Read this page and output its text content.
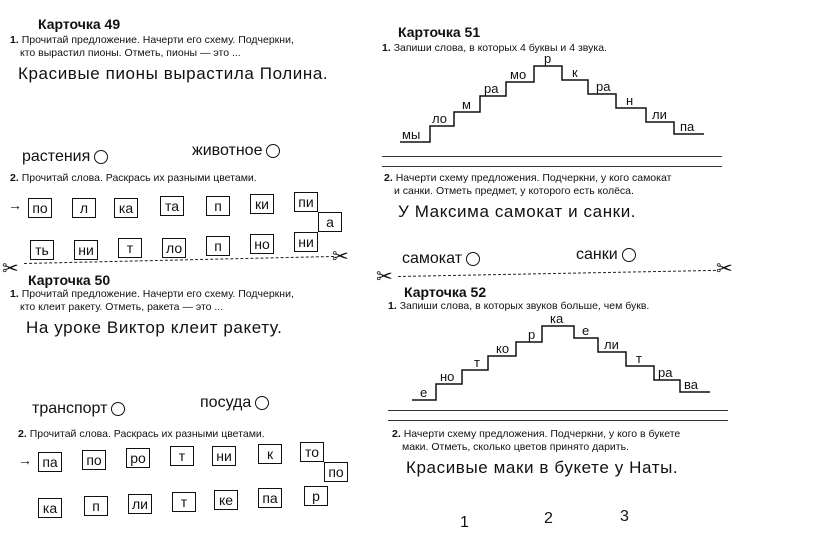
Карточка 49
1. Прочитай предложение. Начерти его схему. Подчеркни,
кто вырастил пионы. Отметь, пионы — это ...
Красивые пионы вырастила Полина.
растения	животное
2. Прочитай слова. Раскрась их разными цветами.
→ по	л	ка	та	п	ки	пи
а
ть	ни	т	ло	п	но	ни
✂
✂
Карточка 50
1. Прочитай предложение. Начерти его схему. Подчеркни,
кто клеит ракету. Отметь, ракета — это ...
На уроке Виктор клеит ракету.
транспорт	посуда
2. Прочитай слова. Раскрась их разными цветами.
→ па	по	ро	т	ни	к	то
по
ка	п	ли	т	ке	па	р
Карточка 51
1. Запиши слова, в которых 4 буквы и 4 звука.
мы
ло
м
ра
мо
р
к
ра
н
ли
па
2. Начерти схему предложения. Подчеркни, у кого самокат
и санки. Отметь предмет, у которого есть колёса.
У Максима самокат и санки.
самокат	санки
✂	✂
Карточка 52
1. Запиши слова, в которых звуков больше, чем букв.
е
но
т
ко
р
ка
е
ли
т
ра
ва
2. Начерти схему предложения. Подчеркни, у кого в букете
маки. Отметь, сколько цветов принято дарить.
Красивые маки в букете у Наты.
1	2	3
